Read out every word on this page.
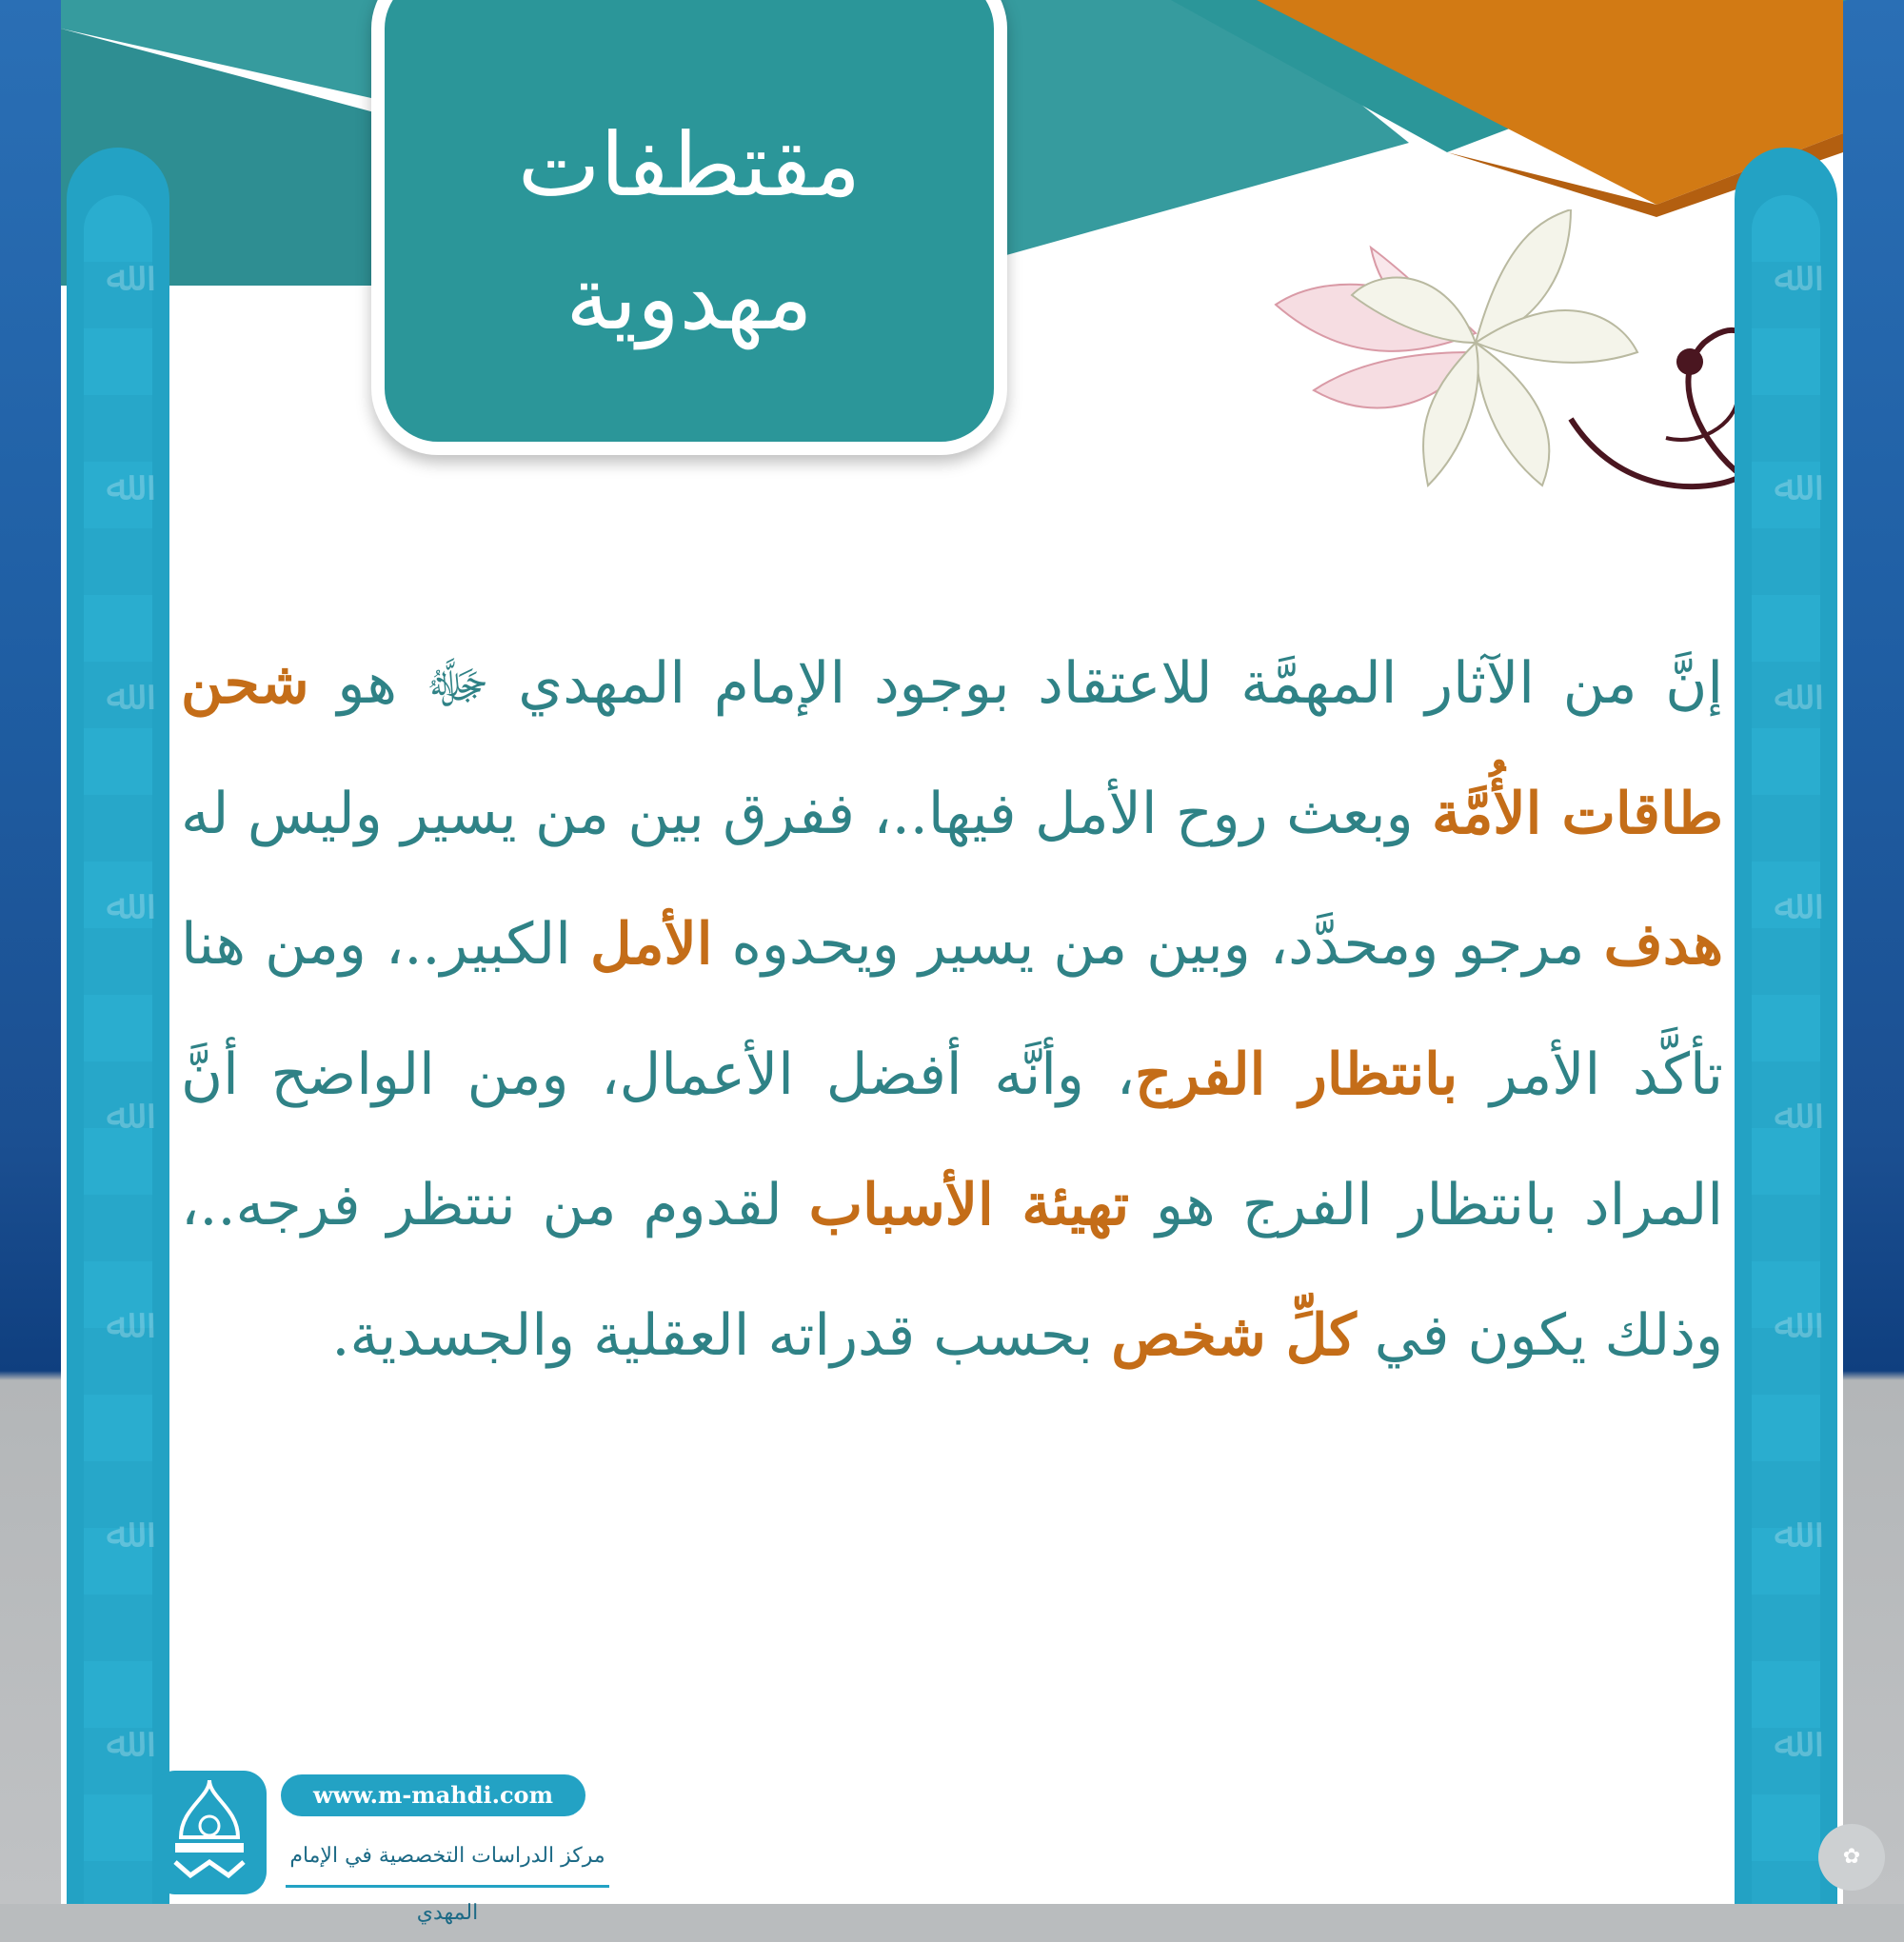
ﷲ
ﷲ
ﷲ
ﷲ
ﷲ
ﷲ
ﷲ
ﷲ
ﷲ
ﷲ
ﷲ
ﷲ
ﷲ
ﷲ
ﷲ
ﷲ
مقتطفات مهدوية
إنَّ من الآثار المهمَّة للاعتقاد بوجود الإمام المهدي ﷻ هو شحن طاقات الأُمَّة وبعث روح الأمل فيها..، ففرق بين من يسير وليس له هدف مرجو ومحدَّد، وبين من يسير ويحدوه الأمل الكبير..، ومن هنا تأكَّد الأمر بانتظار الفرج، وأنَّه أفضل الأعمال، ومن الواضح أنَّ المراد بانتظار الفرج هو تهيئة الأسباب لقدوم من ننتظر فرجه..، وذلك يكون في كلِّ شخص بحسب قدراته العقلية والجسدية.
www.m-mahdi.com
مركز الدراسات التخصصية في الإمام المهدي
✿
